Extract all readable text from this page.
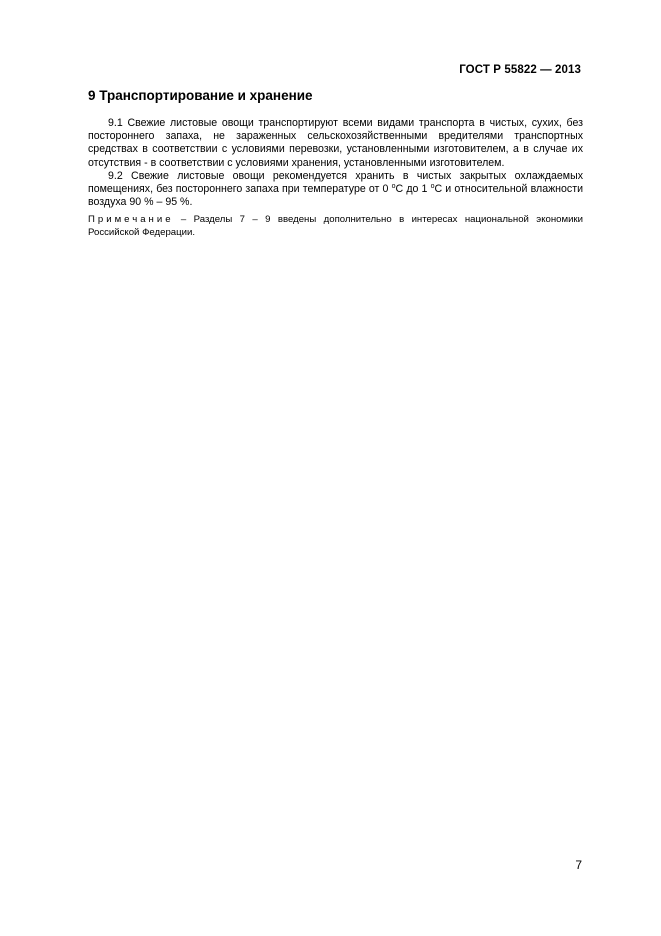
ГОСТ Р 55822 — 2013
9 Транспортирование и хранение

9.1 Свежие листовые овощи транспортируют всеми видами транспорта в чистых, сухих, без постороннего запаха, не зараженных сельскохозяйственными вредителями транспортных средствах в соответствии с условиями перевозки, установленными изготовителем, а в случае их отсутствия - в соответствии с условиями хранения, установленными изготовителем.

9.2 Свежие листовые овощи рекомендуется хранить в чистых закрытых охлаждаемых помещениях, без постороннего запаха при температуре от 0 $^о$С до 1 $^о$С и относительной влажности воздуха 90 % – 95 %.

Примечание – Разделы 7 – 9 введены дополнительно в интересах национальной экономики Российской Федерации.

7
